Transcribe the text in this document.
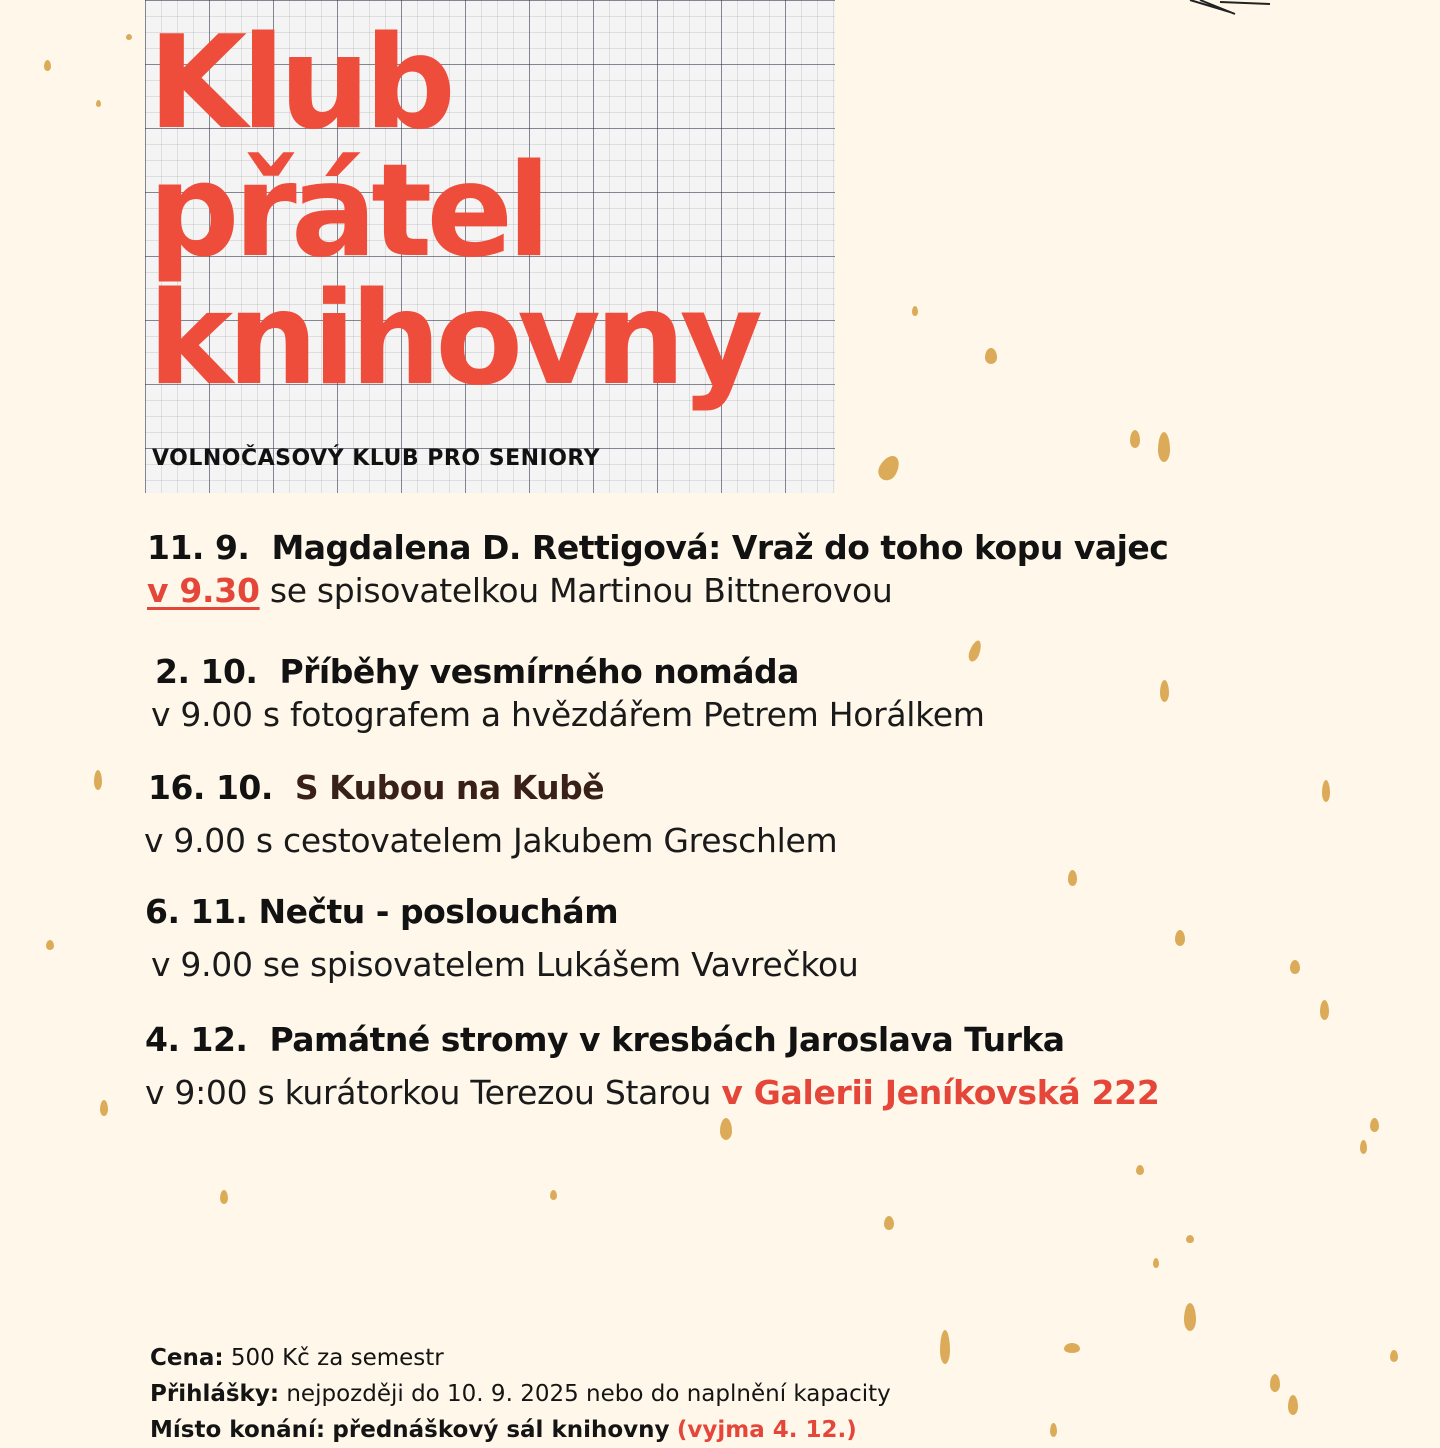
Klub
přátel
knihovny
VOLNOČASOVÝ KLUB PRO SENIORY
11. 9. Magdalena D. Rettigová: Vraž do toho kopu vajec
v 9.30 se spisovatelkou Martinou Bittnerovou
2. 10. Příběhy vesmírného nomáda
v 9.00 s fotografem a hvězdářem Petrem Horálkem
16. 10. S Kubou na Kubě
v 9.00 s cestovatelem Jakubem Greschlem
6. 11. Nečtu - poslouchám
v 9.00 se spisovatelem Lukášem Vavrečkou
4. 12. Památné stromy v kresbách Jaroslava Turka
v 9:00 s kurátorkou Terezou Starou v Galerii Jeníkovská 222
Cena: 500 Kč za semestr
Přihlášky: nejpozději do 10. 9. 2025 nebo do naplnění kapacity
Místo konání: přednáškový sál knihovny (vyjma 4. 12.)
